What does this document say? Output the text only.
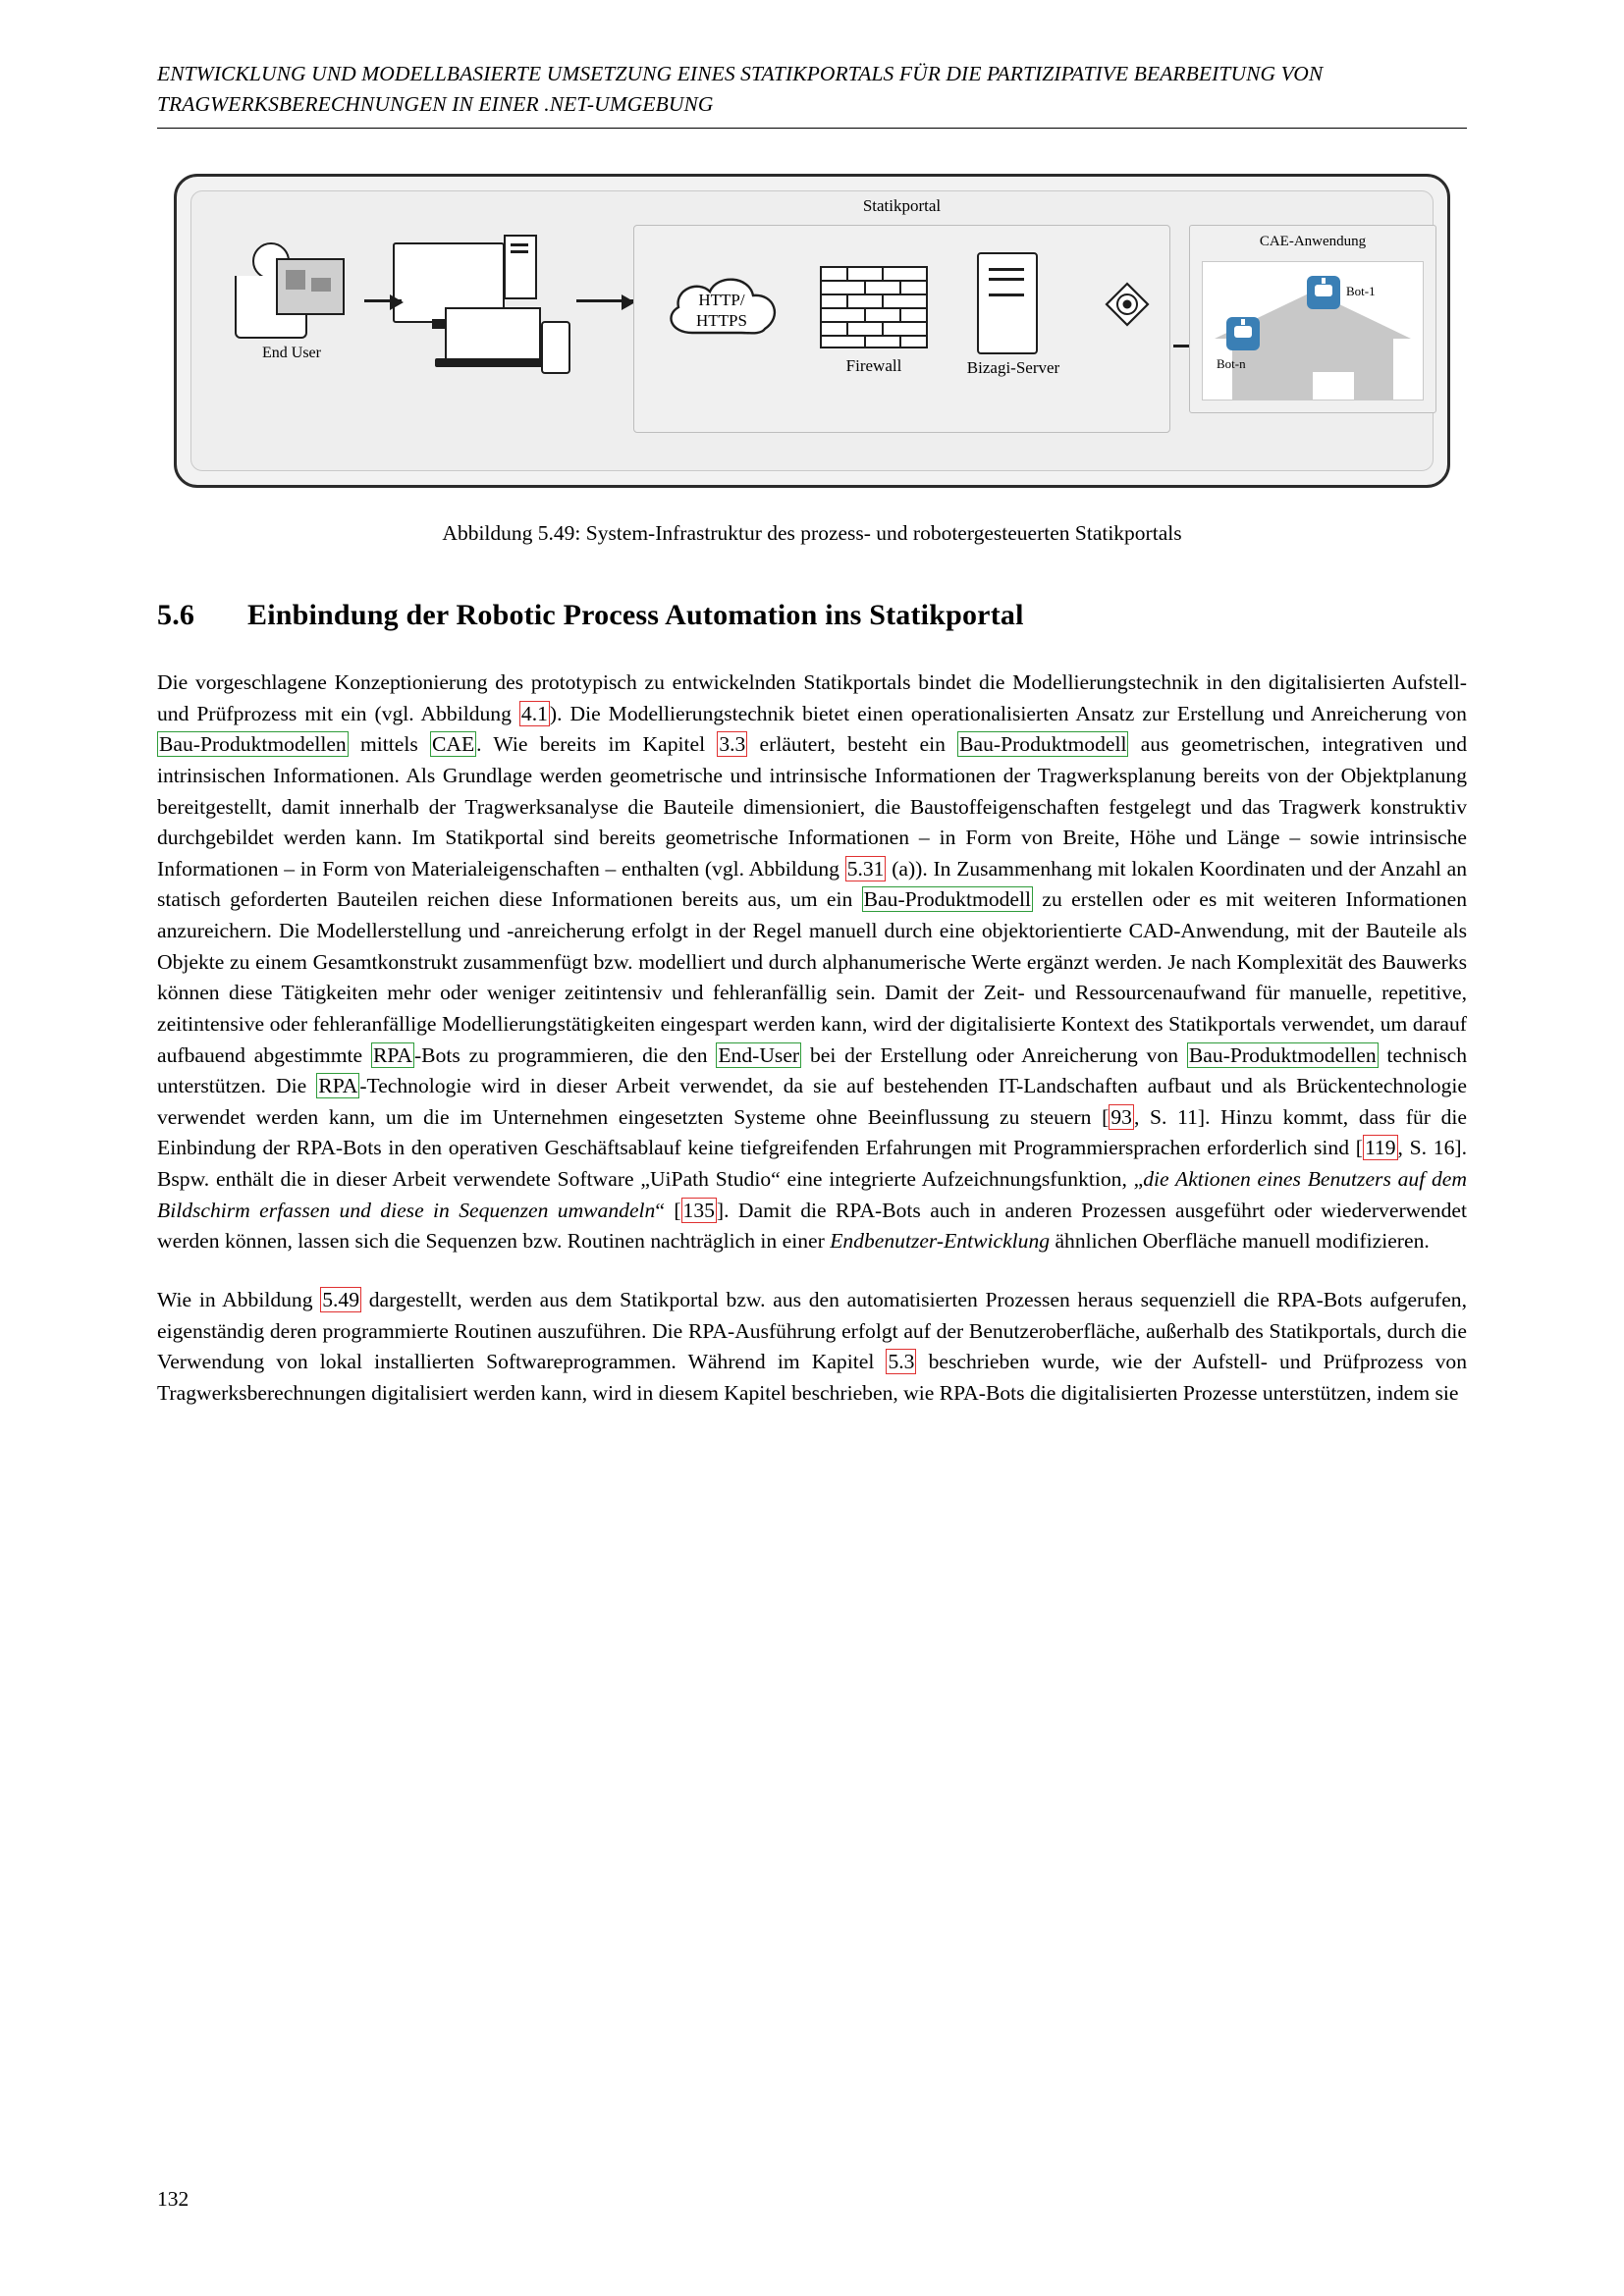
ENTWICKLUNG UND MODELLBASIERTE UMSETZUNG EINES STATIKPORTALS FÜR DIE PARTIZIPATIVE BEARBEITUNG VON TRAGWERKSBERECHNUNGEN IN EINER .NET-UMGEBUNG
End User
Statikportal
HTTP/
HTTPS
Firewall	Bizagi-Server
CAE-Anwendung
Bot-1
Bot-n
Abbildung 5.49: System-Infrastruktur des prozess- und robotergesteuerten Statikportals
5.6 Einbindung der Robotic Process Automation ins Statikportal

Die vorgeschlagene Konzeptionierung des prototypisch zu entwickelnden Statikportals bindet die Modellierungstechnik in den digitalisierten Aufstell- und Prüfprozess mit ein (vgl. Abbildung 4.1). Die Modellierungstechnik bietet einen operationalisierten Ansatz zur Erstellung und Anreicherung von Bau-Produktmodellen mittels CAE. Wie bereits im Kapitel 3.3 erläutert, besteht ein Bau-Produktmodell aus geometrischen, integrativen und intrinsischen Informationen. Als Grundlage werden geometrische und intrinsische Informationen der Tragwerksplanung bereits von der Objektplanung bereitgestellt, damit innerhalb der Tragwerksanalyse die Bauteile dimensioniert, die Baustoffeigenschaften festgelegt und das Tragwerk konstruktiv durchgebildet werden kann. Im Statikportal sind bereits geometrische Informationen – in Form von Breite, Höhe und Länge – sowie intrinsische Informationen – in Form von Materialeigenschaften – enthalten (vgl. Abbildung 5.31 (a)). In Zusammenhang mit lokalen Koordinaten und der Anzahl an statisch geforderten Bauteilen reichen diese Informationen bereits aus, um ein Bau-Produktmodell zu erstellen oder es mit weiteren Informationen anzureichern. Die Modellerstellung und -anreicherung erfolgt in der Regel manuell durch eine objektorientierte CAD-Anwendung, mit der Bauteile als Objekte zu einem Gesamtkonstrukt zusammenfügt bzw. modelliert und durch alphanumerische Werte ergänzt werden. Je nach Komplexität des Bauwerks können diese Tätigkeiten mehr oder weniger zeitintensiv und fehleranfällig sein. Damit der Zeit- und Ressourcenaufwand für manuelle, repetitive, zeitintensive oder fehleranfällige Modellierungstätigkeiten eingespart werden kann, wird der digitalisierte Kontext des Statikportals verwendet, um darauf aufbauend abgestimmte RPA-Bots zu programmieren, die den End-User bei der Erstellung oder Anreicherung von Bau-Produktmodellen technisch unterstützen. Die RPA-Technologie wird in dieser Arbeit verwendet, da sie auf bestehenden IT-Landschaften aufbaut und als Brückentechnologie verwendet werden kann, um die im Unternehmen eingesetzten Systeme ohne Beeinflussung zu steuern [93, S. 11]. Hinzu kommt, dass für die Einbindung der RPA-Bots in den operativen Geschäftsablauf keine tiefgreifenden Erfahrungen mit Programmiersprachen erforderlich sind [119, S. 16]. Bspw. enthält die in dieser Arbeit verwendete Software „UiPath Studio“ eine integrierte Aufzeichnungsfunktion, „die Aktionen eines Benutzers auf dem Bildschirm erfassen und diese in Sequenzen umwandeln“ [135]. Damit die RPA-Bots auch in anderen Prozessen ausgeführt oder wiederverwendet werden können, lassen sich die Sequenzen bzw. Routinen nachträglich in einer Endbenutzer-Entwicklung ähnlichen Oberfläche manuell modifizieren.

Wie in Abbildung 5.49 dargestellt, werden aus dem Statikportal bzw. aus den automatisierten Prozessen heraus sequenziell die RPA-Bots aufgerufen, eigenständig deren programmierte Routinen auszuführen. Die RPA-Ausführung erfolgt auf der Benutzeroberfläche, außerhalb des Statikportals, durch die Verwendung von lokal installierten Softwareprogrammen. Während im Kapitel 5.3 beschrieben wurde, wie der Aufstell- und Prüfprozess von Tragwerksberechnungen digitalisiert werden kann, wird in diesem Kapitel beschrieben, wie RPA-Bots die digitalisierten Prozesse unterstützen, indem sie

132
